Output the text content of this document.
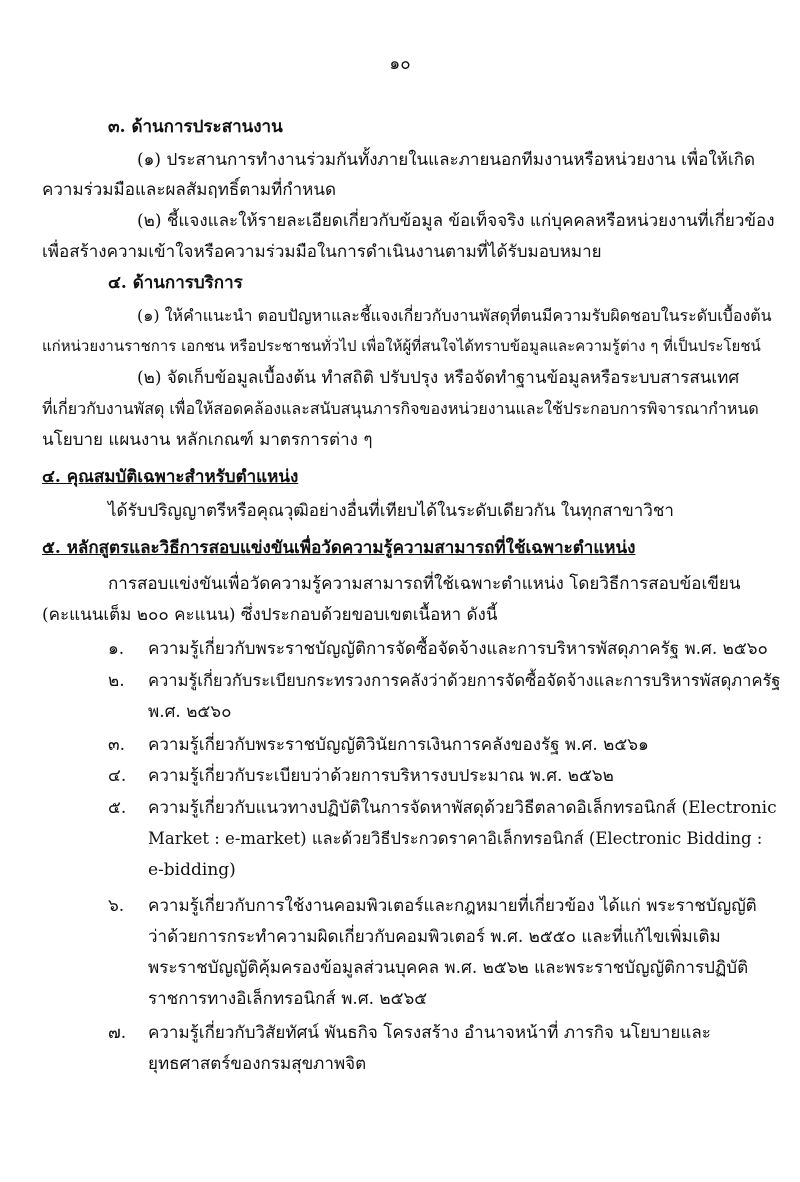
๑๐
๓. ด้านการประสานงาน
(๑) ประสานการทำงานร่วมกันทั้งภายในและภายนอกทีมงานหรือหน่วยงาน เพื่อให้เกิด
ความร่วมมือและผลสัมฤทธิ์ตามที่กำหนด
(๒) ชี้แจงและให้รายละเอียดเกี่ยวกับข้อมูล ข้อเท็จจริง แก่บุคคลหรือหน่วยงานที่เกี่ยวข้อง
เพื่อสร้างความเข้าใจหรือความร่วมมือในการดำเนินงานตามที่ได้รับมอบหมาย
๔. ด้านการบริการ
(๑) ให้คำแนะนำ ตอบปัญหาและชี้แจงเกี่ยวกับงานพัสดุที่ตนมีความรับผิดชอบในระดับเบื้องต้น
แก่หน่วยงานราชการ เอกชน หรือประชาชนทั่วไป เพื่อให้ผู้ที่สนใจได้ทราบข้อมูลและความรู้ต่าง ๆ ที่เป็นประโยชน์
(๒) จัดเก็บข้อมูลเบื้องต้น ทำสถิติ ปรับปรุง หรือจัดทำฐานข้อมูลหรือระบบสารสนเทศ
ที่เกี่ยวกับงานพัสดุ เพื่อให้สอดคล้องและสนับสนุนภารกิจของหน่วยงานและใช้ประกอบการพิจารณากำหนด
นโยบาย แผนงาน หลักเกณฑ์ มาตรการต่าง ๆ
๔. คุณสมบัติเฉพาะสำหรับตำแหน่ง
ได้รับปริญญาตรีหรือคุณวุฒิอย่างอื่นที่เทียบได้ในระดับเดียวกัน ในทุกสาขาวิชา
๕. หลักสูตรและวิธีการสอบแข่งขันเพื่อวัดความรู้ความสามารถที่ใช้เฉพาะตำแหน่ง
การสอบแข่งขันเพื่อวัดความรู้ความสามารถที่ใช้เฉพาะตำแหน่ง โดยวิธีการสอบข้อเขียน
(คะแนนเต็ม ๒๐๐ คะแนน) ซึ่งประกอบด้วยขอบเขตเนื้อหา ดังนี้
๑. ความรู้เกี่ยวกับพระราชบัญญัติการจัดซื้อจัดจ้างและการบริหารพัสดุภาครัฐ พ.ศ. ๒๕๖๐
๒. ความรู้เกี่ยวกับระเบียบกระทรวงการคลังว่าด้วยการจัดซื้อจัดจ้างและการบริหารพัสดุภาครัฐ
พ.ศ. ๒๕๖๐
๓. ความรู้เกี่ยวกับพระราชบัญญัติวินัยการเงินการคลังของรัฐ พ.ศ. ๒๕๖๑
๔. ความรู้เกี่ยวกับระเบียบว่าด้วยการบริหารงบประมาณ พ.ศ. ๒๕๖๒
๕. ความรู้เกี่ยวกับแนวทางปฏิบัติในการจัดหาพัสดุด้วยวิธีตลาดอิเล็กทรอนิกส์ (Electronic
Market : e-market) และด้วยวิธีประกวดราคาอิเล็กทรอนิกส์ (Electronic Bidding :
e-bidding)
๖. ความรู้เกี่ยวกับการใช้งานคอมพิวเตอร์และกฎหมายที่เกี่ยวข้อง ได้แก่ พระราชบัญญัติ
ว่าด้วยการกระทำความผิดเกี่ยวกับคอมพิวเตอร์ พ.ศ. ๒๕๕๐ และที่แก้ไขเพิ่มเติม
พระราชบัญญัติคุ้มครองข้อมูลส่วนบุคคล พ.ศ. ๒๕๖๒ และพระราชบัญญัติการปฏิบัติ
ราชการทางอิเล็กทรอนิกส์ พ.ศ. ๒๕๖๕
๗. ความรู้เกี่ยวกับวิสัยทัศน์ พันธกิจ โครงสร้าง อำนาจหน้าที่ ภารกิจ นโยบายและ
ยุทธศาสตร์ของกรมสุขภาพจิต
